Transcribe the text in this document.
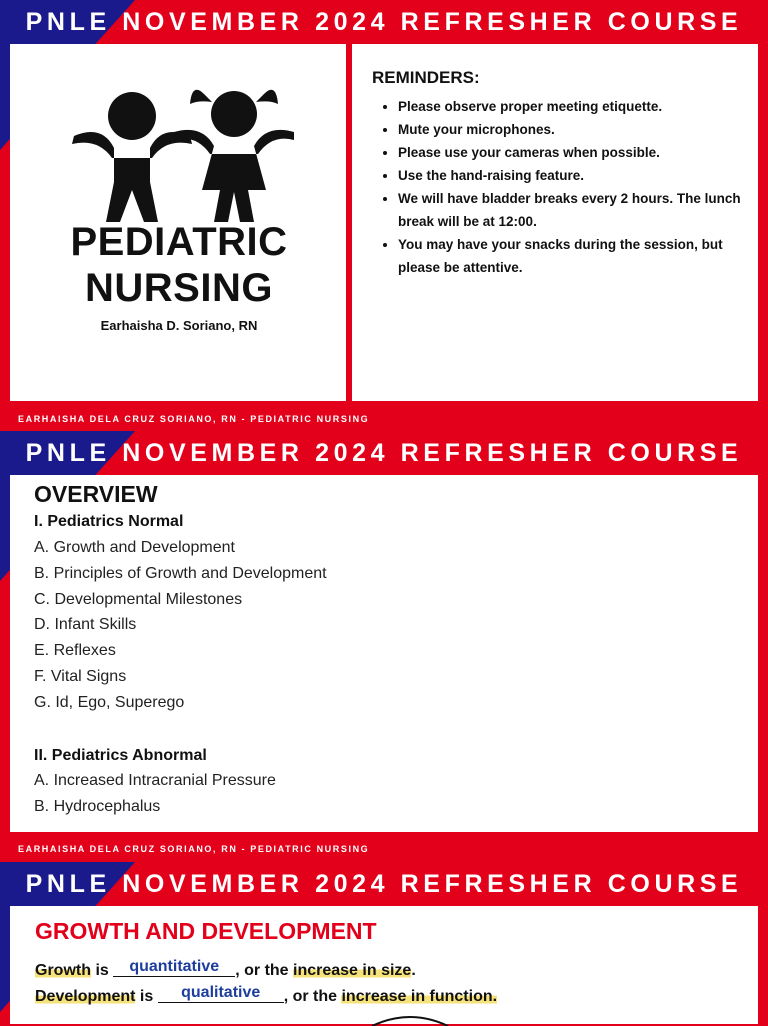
PNLE NOVEMBER 2024 REFRESHER COURSE
PEDIATRIC
NURSING
Earhaisha D. Soriano, RN
REMINDERS:
• Please observe proper meeting etiquette.
• Mute your microphones.
• Please use your cameras when possible.
• Use the hand-raising feature.
• We will have bladder breaks every 2 hours. The lunch break will be at 12:00.
• You may have your snacks during the session, but please be attentive.
EARHAISHA DELA CRUZ SORIANO, RN - PEDIATRIC NURSING
PNLE NOVEMBER 2024 REFRESHER COURSE
EARHAISHA DELA CRUZ SORIANO, RN - PEDIATRIC NURSING
OVERVIEW
I. Pediatrics Normal
A. Growth and Development
B. Principles of Growth and Development
C. Developmental Milestones
D. Infant Skills
E. Reflexes
F. Vital Signs
G. Id, Ego, Superego
II. Pediatrics Abnormal
A. Increased Intracranial Pressure
B. Hydrocephalus
PNLE NOVEMBER 2024 REFRESHER COURSE
GROWTH AND DEVELOPMENT
Growth is quantitative , or the increase in size.
Development is qualitative , or the increase in function.
